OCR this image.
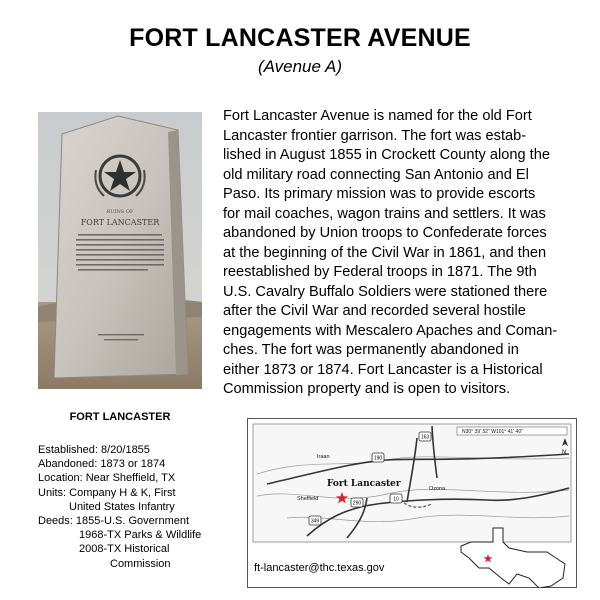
FORT LANCASTER AVENUE
(Avenue A)
RUINS OF
FORT LANCASTER

Fort Lancaster Avenue is named for the old Fort
Lancaster frontier garrison. The fort was estab-
lished in August 1855 in Crockett County along the
old military road connecting San Antonio and El
Paso. Its primary mission was to provide escorts
for mail coaches, wagon trains and settlers. It was
abandoned by Union troops to Confederate forces
at the beginning of the Civil War in 1861, and then
reestablished by Federal troops in 1871. The 9th
U.S. Cavalry Buffalo Soldiers were stationed there
after the Civil War and recorded several hostile
engagements with Mescalero Apaches and Coman-
ches. The fort was permanently abandoned in
either 1873 or 1874. Fort Lancaster is a Historical
Commission property and is open to visitors.

FORT LANCASTER
Established: 8/20/1855
Abandoned: 1873 or 1874
Location: Near Sheffield, TX
Units: Company H & K, First
United States Infantry
Deeds: 1855-U.S. Government
1968-TX Parks & Wildlife
2008-TX Historical
Commission
163
190
290
10
349
Iraan
Sheffield
Ozona
Fort Lancaster
N30° 39' 52" W101° 41' 40"
N
ft-lancaster@thc.texas.gov
